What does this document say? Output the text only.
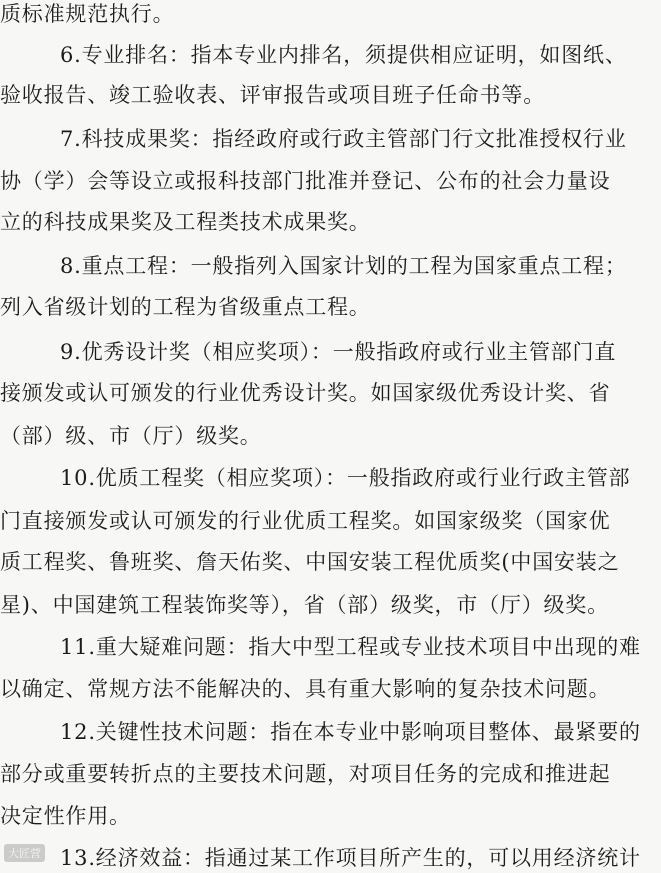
质标准规范执行。
6.专业排名：指本专业内排名，须提供相应证明，如图纸、
验收报告、竣工验收表、评审报告或项目班子任命书等。
7.科技成果奖：指经政府或行政主管部门行文批准授权行业
协（学）会等设立或报科技部门批准并登记、公布的社会力量设
立的科技成果奖及工程类技术成果奖。
8.重点工程：一般指列入国家计划的工程为国家重点工程；
列入省级计划的工程为省级重点工程。
9.优秀设计奖（相应奖项）：一般指政府或行业主管部门直
接颁发或认可颁发的行业优秀设计奖。如国家级优秀设计奖、省
（部）级、市（厅）级奖。
10.优质工程奖（相应奖项）：一般指政府或行业行政主管部
门直接颁发或认可颁发的行业优质工程奖。如国家级奖（国家优
质工程奖、鲁班奖、詹天佑奖、中国安装工程优质奖(中国安装之
星)、中国建筑工程装饰奖等），省（部）级奖，市（厅）级奖。
11.重大疑难问题：指大中型工程或专业技术项目中出现的难
以确定、常规方法不能解决的、具有重大影响的复杂技术问题。
12.关键性技术问题：指在本专业中影响项目整体、最紧要的
部分或重要转折点的主要技术问题，对项目任务的完成和推进起
决定性作用。
13.经济效益：指通过某工作项目所产生的，可以用经济统计
大匠营
